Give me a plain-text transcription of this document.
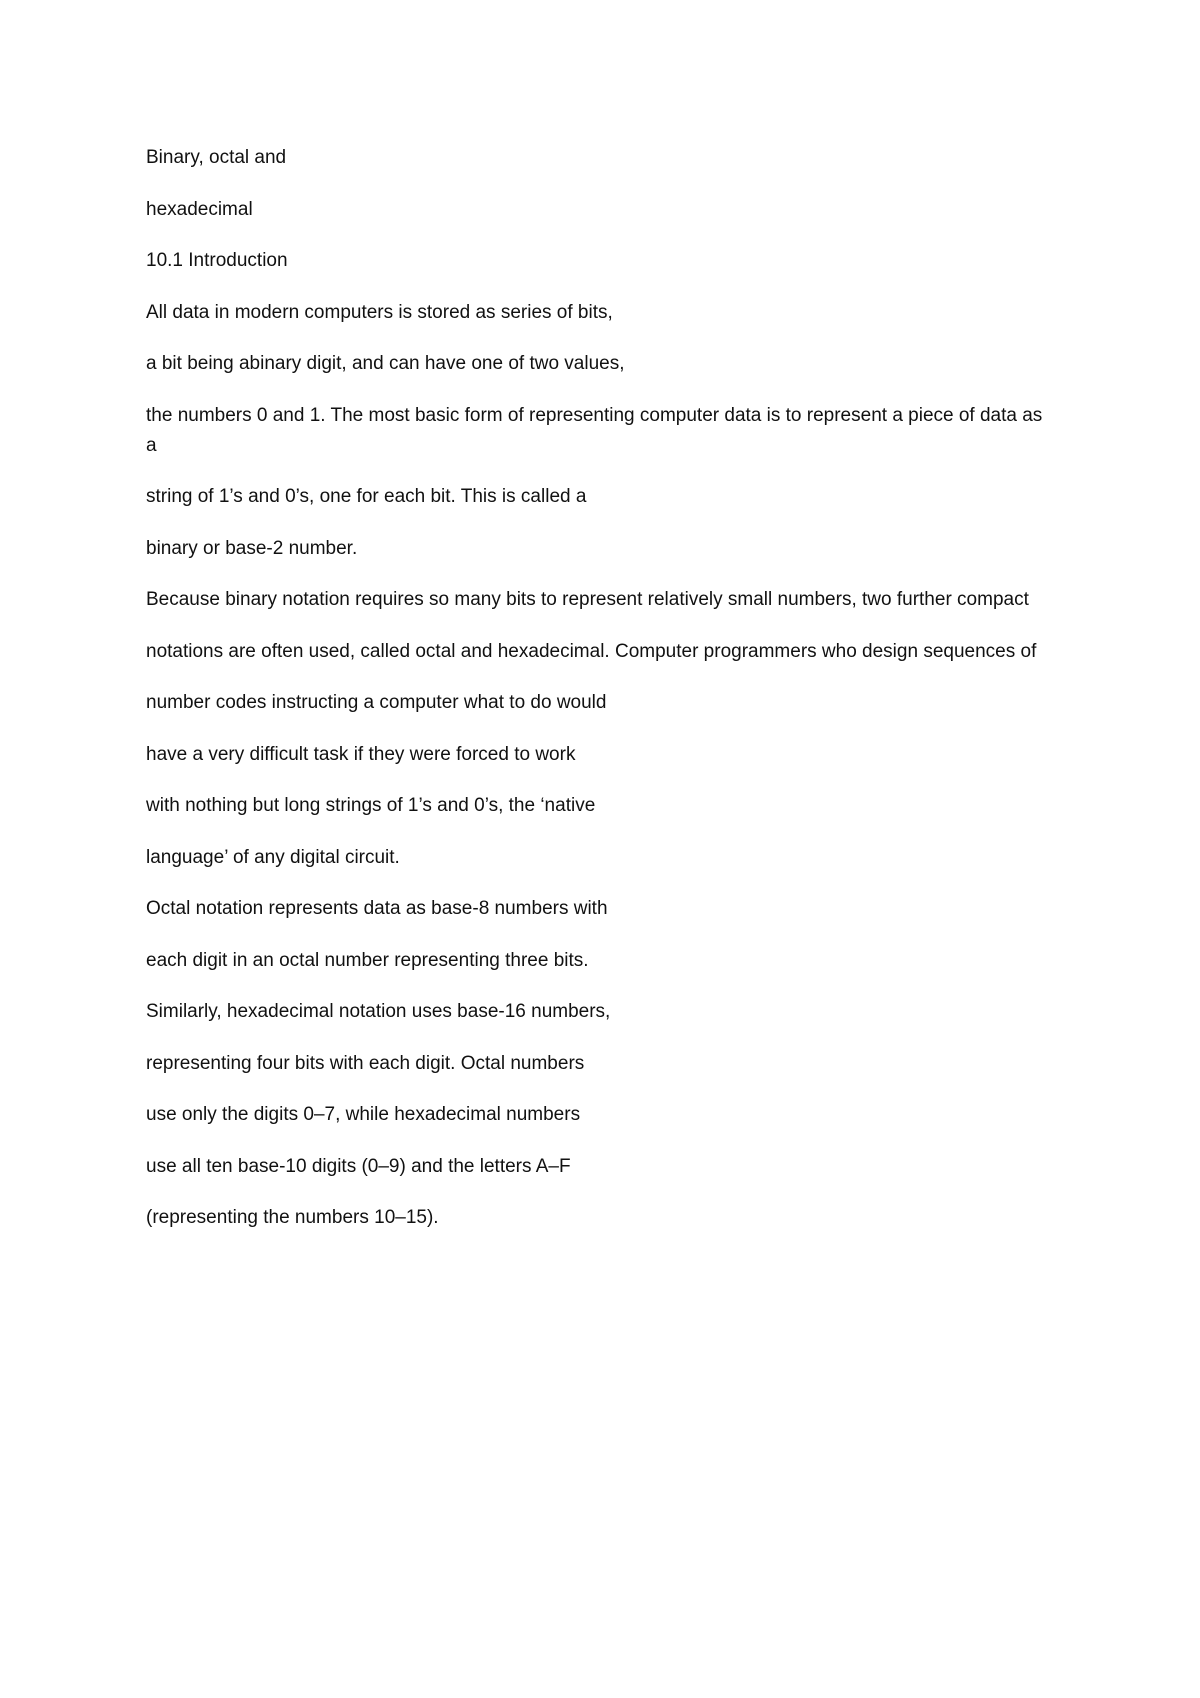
Binary, octal and

hexadecimal

10.1 Introduction

All data in modern computers is stored as series of bits,

a bit being abinary digit, and can have one of two values,

the numbers 0 and 1. The most basic form of representing computer data is to represent a piece of data as a

string of 1’s and 0’s, one for each bit. This is called a

binary or base-2 number.

Because binary notation requires so many bits to represent relatively small numbers, two further compact

notations are often used, called octal and hexadecimal. Computer programmers who design sequences of

number codes instructing a computer what to do would

have a very difficult task if they were forced to work

with nothing but long strings of 1’s and 0’s, the ‘native

language’ of any digital circuit.

Octal notation represents data as base-8 numbers with

each digit in an octal number representing three bits.

Similarly, hexadecimal notation uses base-16 numbers,

representing four bits with each digit. Octal numbers

use only the digits 0–7, while hexadecimal numbers

use all ten base-10 digits (0–9) and the letters A–F

(representing the numbers 10–15).
